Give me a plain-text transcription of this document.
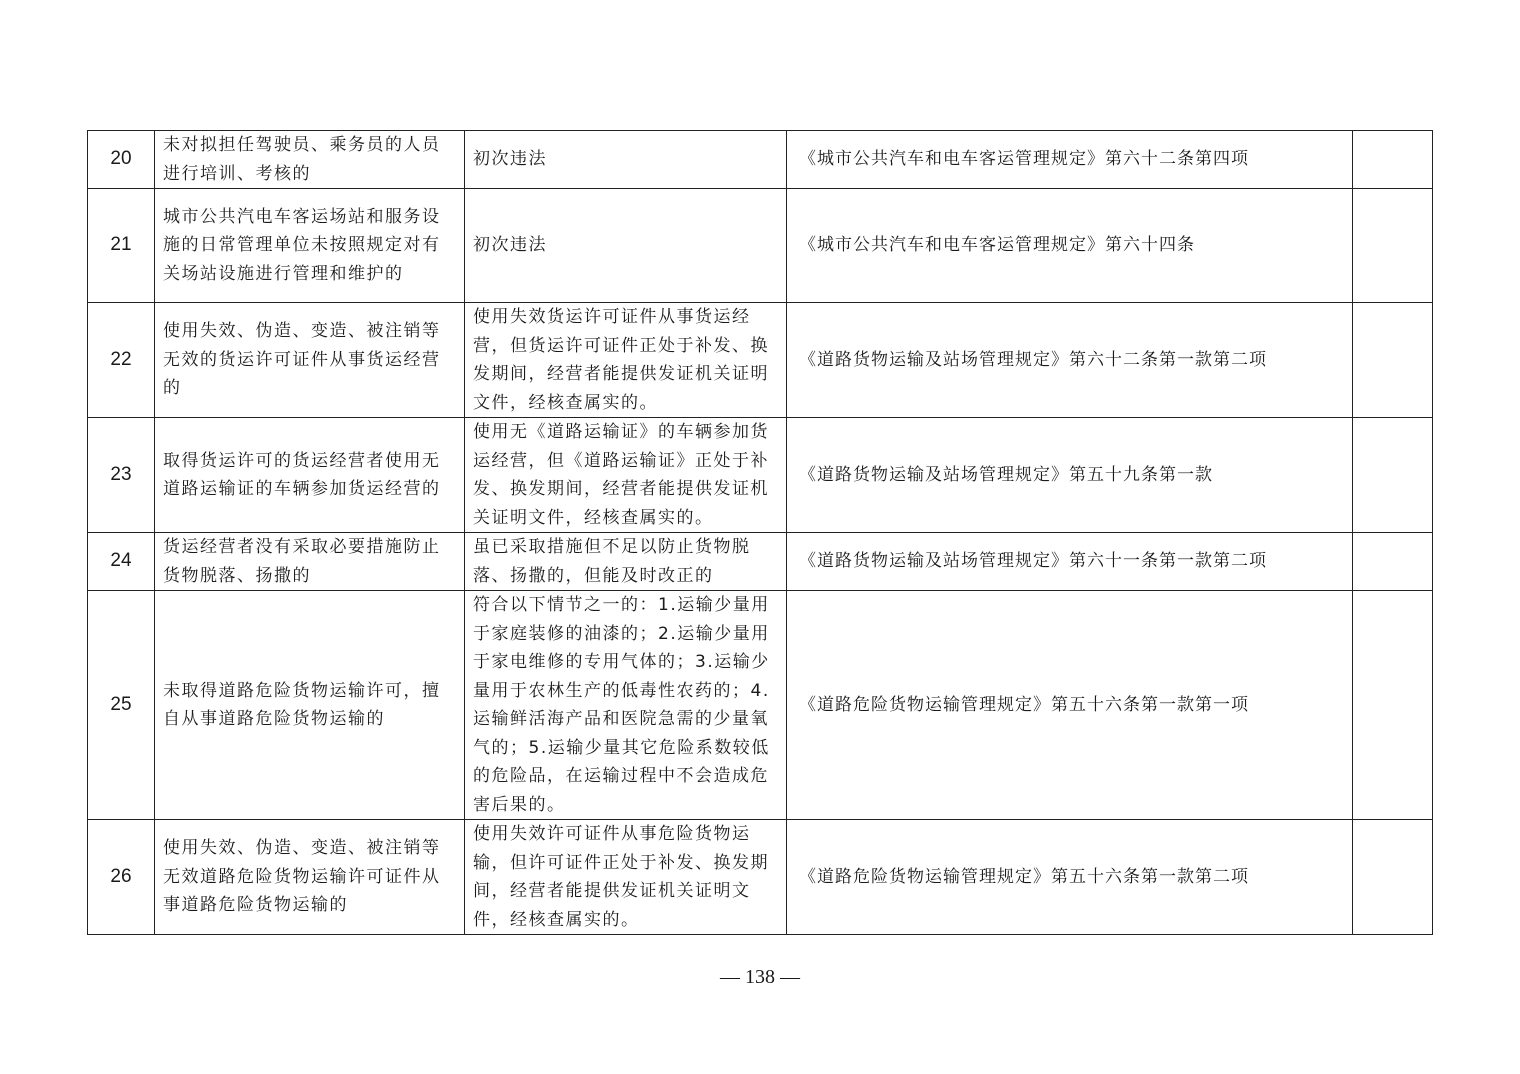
20	未对拟担任驾驶员、乘务员的人员进行培训、考核的	初次违法	《城市公共汽车和电车客运管理规定》第六十二条第四项	
21	城市公共汽电车客运场站和服务设施的日常管理单位未按照规定对有关场站设施进行管理和维护的	初次违法	《城市公共汽车和电车客运管理规定》第六十四条	
22	使用失效、伪造、变造、被注销等无效的货运许可证件从事货运经营的	使用失效货运许可证件从事货运经营，但货运许可证件正处于补发、换发期间，经营者能提供发证机关证明文件，经核查属实的。	《道路货物运输及站场管理规定》第六十二条第一款第二项	
23	取得货运许可的货运经营者使用无道路运输证的车辆参加货运经营的	使用无《道路运输证》的车辆参加货运经营，但《道路运输证》正处于补发、换发期间，经营者能提供发证机关证明文件，经核查属实的。	《道路货物运输及站场管理规定》第五十九条第一款	
24	货运经营者没有采取必要措施防止货物脱落、扬撒的	虽已采取措施但不足以防止货物脱落、扬撒的，但能及时改正的	《道路货物运输及站场管理规定》第六十一条第一款第二项	
25	未取得道路危险货物运输许可，擅自从事道路危险货物运输的	符合以下情节之一的：1.运输少量用于家庭装修的油漆的；2.运输少量用于家电维修的专用气体的；3.运输少量用于农林生产的低毒性农药的；4.运输鲜活海产品和医院急需的少量氧气的；5.运输少量其它危险系数较低的危险品，在运输过程中不会造成危害后果的。	《道路危险货物运输管理规定》第五十六条第一款第一项	
26	使用失效、伪造、变造、被注销等无效道路危险货物运输许可证件从事道路危险货物运输的	使用失效许可证件从事危险货物运输，但许可证件正处于补发、换发期间，经营者能提供发证机关证明文件，经核查属实的。	《道路危险货物运输管理规定》第五十六条第一款第二项	
— 138 —
